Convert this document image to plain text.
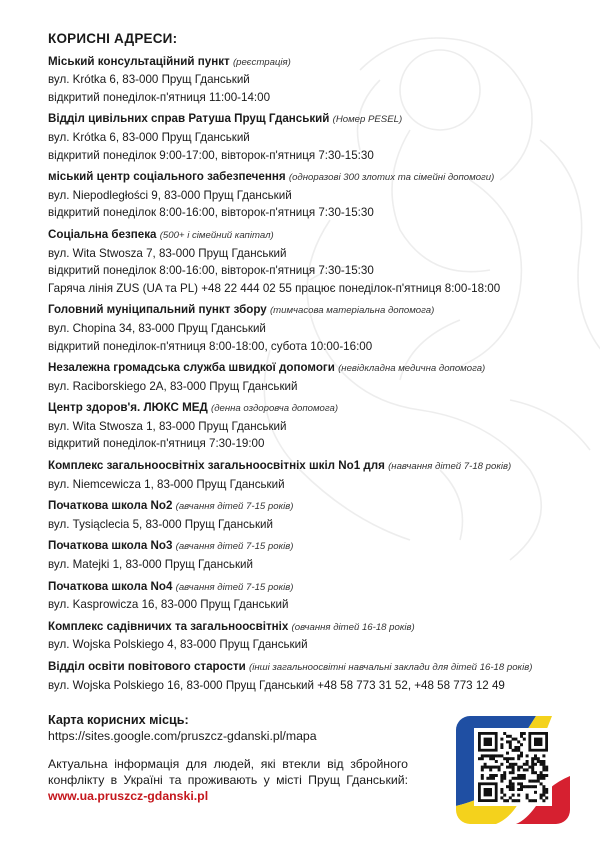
КОРИСНІ АДРЕСИ:
Міський консультаційний пункт (реєстрація)
вул. Krótka 6, 83-000 Прущ Гданський
відкритий понеділок-п'ятниця 11:00-14:00
Відділ цивільних справ Ратуша Прущ Гданський (Номер PESEL)
вул. Krótka 6, 83-000 Прущ Гданський
відкритий понеділок 9:00-17:00, вівторок-п'ятниця 7:30-15:30
міський центр соціального забезпечення (одноразові 300 злотих та сімейні допомоги)
вул. Niepodległości 9, 83-000 Прущ Гданський
відкритий понеділок 8:00-16:00, вівторок-п'ятниця 7:30-15:30
Соціальна безпека (500+ і сімейний капітал)
вул. Wita Stwosza 7, 83-000 Прущ Гданський
відкритий понеділок 8:00-16:00, вівторок-п'ятниця 7:30-15:30
Гаряча лінія ZUS (UA та PL) +48 22 444 02 55 працює понеділок-п'ятниця 8:00-18:00
Головний муніципальний пункт збору (тимчасова матеріальна допомога)
вул. Chopina 34, 83-000 Прущ Гданський
відкритий понеділок-п'ятниця 8:00-18:00, субота 10:00-16:00
Незалежна громадська служба швидкої допомоги (невідкладна медична допомога)
вул. Raciborskiego 2A, 83-000 Прущ Гданський
Центр здоров'я. ЛЮКС МЕД (денна оздоровча допомога)
вул. Wita Stwosza 1, 83-000 Прущ Гданський
відкритий понеділок-п'ятниця 7:30-19:00
Комплекс загальноосвітніх загальноосвітніх шкіл No1 для (навчання дітей 7-18 років)
вул. Niemcewicza 1, 83-000 Прущ Гданський
Початкова школа No2 (авчання дітей 7-15 років)
вул. Tysiąclecia 5, 83-000 Прущ Гданський
Початкова школа No3 (авчання дітей 7-15 років)
вул. Matejki 1, 83-000 Прущ Гданський
Початкова школа No4 (авчання дітей 7-15 років)
вул. Kasprowicza 16, 83-000 Прущ Гданський
Комплекс садівничих та загальноосвітніх (овчання дітей 16-18 років)
вул. Wojska Polskiego 4, 83-000 Прущ Гданський
Відділ освіти повітового старости (інші загальноосвітні навчальні заклади для дітей 16-18 років)
вул. Wojska Polskiego 16, 83-000 Прущ Гданський +48 58 773 31 52, +48 58 773 12 49
Карта корисних місць:
https://sites.google.com/pruszcz-gdanski.pl/mapa
Актуальна інформація для людей, які втекли від збройного конфлікту в Україні та проживають у місті Прущ Гданський: www.ua.pruszcz-gdanski.pl
